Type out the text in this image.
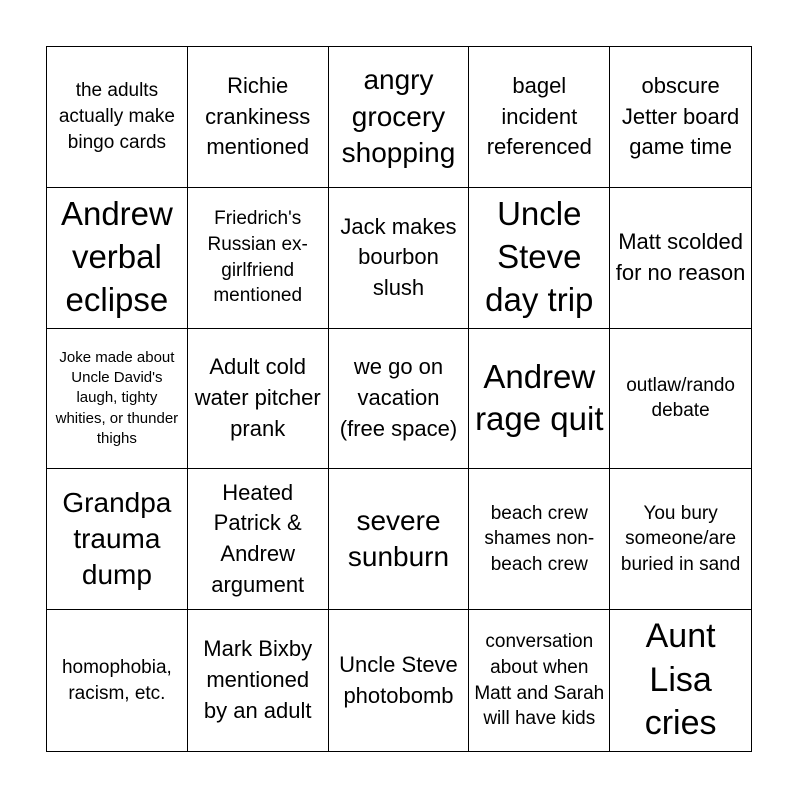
the adults actually make bingo cards
Richie crankiness mentioned
angry grocery shopping
bagel incident referenced
obscure Jetter board game time
Andrew verbal eclipse
Friedrich's Russian ex-girlfriend mentioned
Jack makes bourbon slush
Uncle Steve day trip
Matt scolded for no reason
Joke made about Uncle David's laugh, tighty whities, or thunder thighs
Adult cold water pitcher prank
we go on vacation (free space)
Andrew rage quit
outlaw/rando debate
Grandpa trauma dump
Heated Patrick & Andrew argument
severe sunburn
beach crew shames non-beach crew
You bury someone/are buried in sand
homophobia, racism, etc.
Mark Bixby mentioned by an adult
Uncle Steve photobomb
conversation about when Matt and Sarah will have kids
Aunt Lisa cries
